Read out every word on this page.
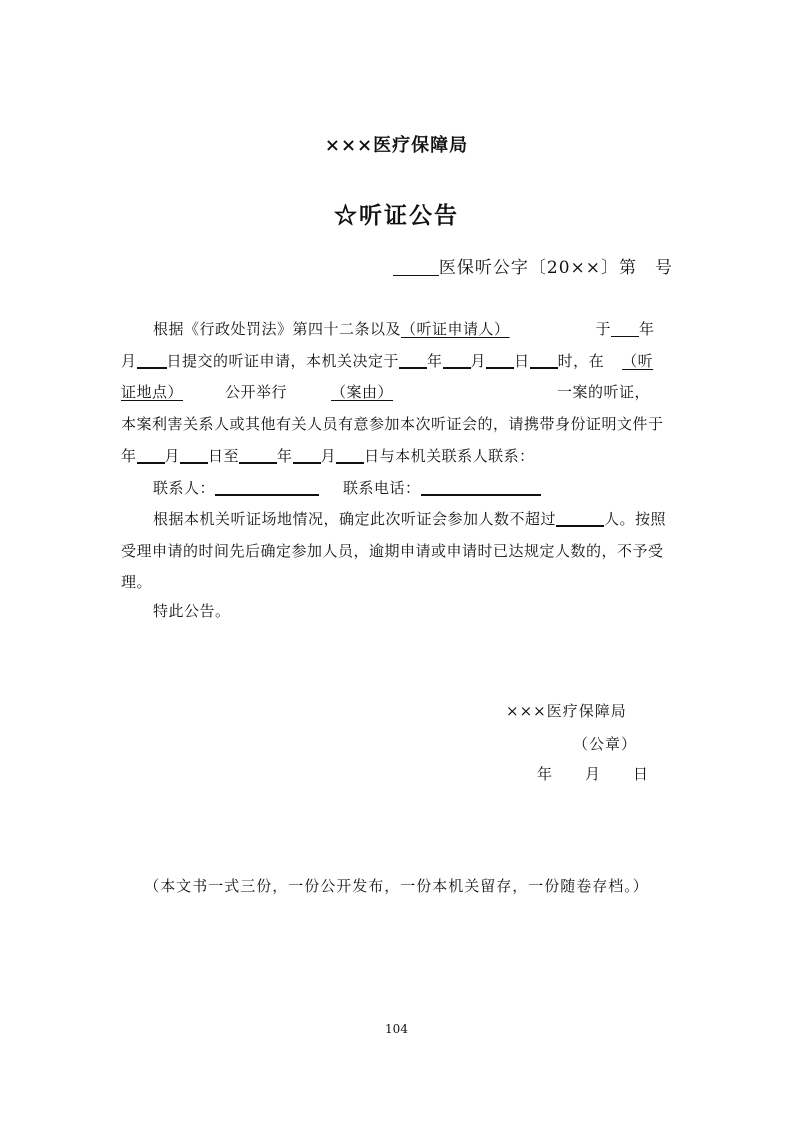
×××医疗保障局
☆听证公告
医保听公字〔20××〕第　号
根据《行政处罚法》第四十二条以及（听证申请人）	于 年
月 日提交的听证申请，本机关决定于 年 月 日 时，在 （听
证地点）	公开举行	（案由）	一案的听证，
本案利害关系人或其他有关人员有意参加本次听证会的，请携带身份证明文件于
年 月 日至	年 月 日与本机关联系人联系：
联系人：	联系电话：
根据本机关听证场地情况，确定此次听证会参加人数不超过	人。按照
受理申请的时间先后确定参加人员，逾期申请或申请时已达规定人数的，不予受
理。
特此公告。
×××医疗保障局
（公章）
年　　月　　日
（本文书一式三份，一份公开发布，一份本机关留存，一份随卷存档。）
104
